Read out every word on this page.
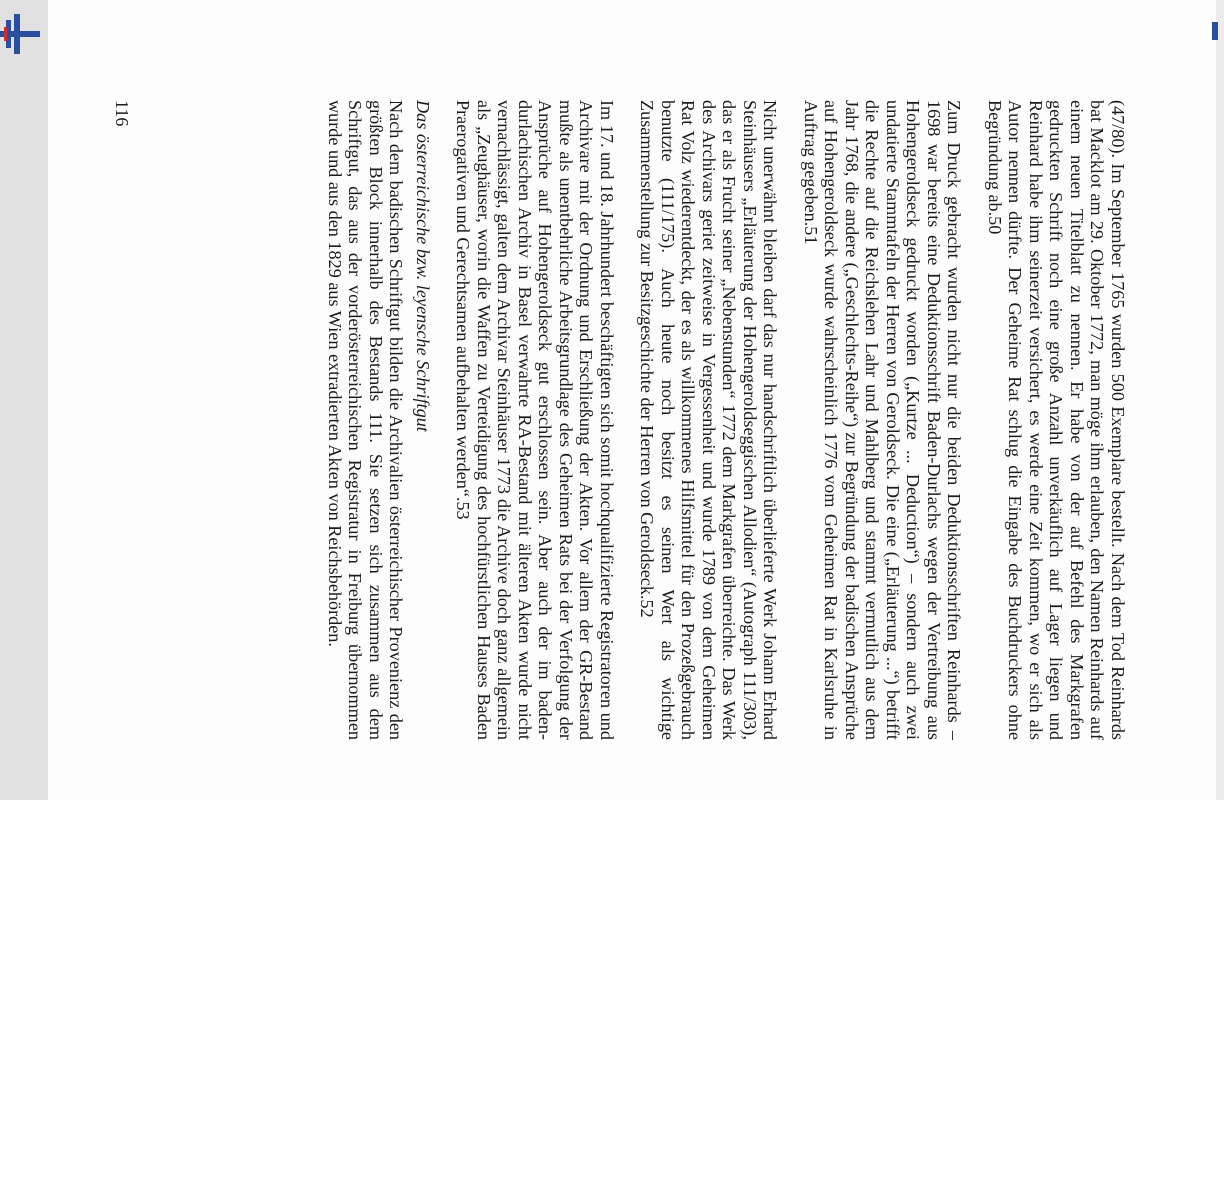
(47/80). Im September 1765 wurden 500 Exemplare bestellt. Nach dem Tod Reinhards bat Macklot am 29. Oktober 1772, man möge ihm erlauben, den Namen Reinhards auf einem neuen Titelblatt zu nennen. Er habe von der auf Befehl des Markgrafen gedruckten Schrift noch eine große Anzahl unverkäuflich auf Lager liegen und Reinhard habe ihm seinerzeit versichert, es werde eine Zeit kommen, wo er sich als Autor nennen dürfte. Der Geheime Rat schlug die Eingabe des Buchdruckers ohne Begründung ab.50

Zum Druck gebracht wurden nicht nur die beiden Deduktionsschriften Reinhards – 1698 war bereits eine Deduktionsschrift Baden-Durlachs wegen der Vertreibung aus Hohengeroldseck gedruckt worden („Kurtze ... Deduction“) – sondern auch zwei undatierte Stammtafeln der Herren von Geroldseck. Die eine („Erläuterung ...“) betrifft die Rechte auf die Reichslehen Lahr und Mahlberg und stammt vermutlich aus dem Jahr 1768, die andere („Geschlechts-Reihe“) zur Begründung der badischen Ansprüche auf Hohengeroldseck wurde wahrscheinlich 1776 vom Geheimen Rat in Karlsruhe in Auftrag gegeben.51

Nicht unerwähnt bleiben darf das nur handschriftlich überlieferte Werk Johann Erhard Steinhäusers „Erläuterung der Hohengeroldseggischen Allodien“ (Autograph 111/303), das er als Frucht seiner „Nebenstunden“ 1772 dem Markgrafen überreichte. Das Werk des Archivars geriet zeitweise in Vergessenheit und wurde 1789 von dem Geheimen Rat Volz wiederentdeckt, der es als willkommenes Hilfsmittel für den Prozeßgebrauch benutzte (111/175). Auch heute noch besitzt es seinen Wert als wichtige Zusammenstellung zur Besitzgeschichte der Herren von Geroldseck.52

Im 17. und 18. Jahrhundert beschäftigten sich somit hochqualifizierte Registratoren und Archivare mit der Ordnung und Erschließung der Akten. Vor allem der GR-Bestand mußte als unentbehrliche Arbeitsgrundlage des Geheimen Rats bei der Verfolgung der Ansprüche auf Hohengeroldseck gut erschlossen sein. Aber auch der im baden-durlachischen Archiv in Basel verwahrte RA-Bestand mit älteren Akten wurde nicht vernachlässigt, galten dem Archivar Steinhäuser 1773 die Archive doch ganz allgemein als „Zeughäuser, worin die Waffen zu Verteidigung des hochfürstlichen Hauses Baden Praerogativen und Gerechtsamen aufbehalten werden“.53

Das österreichische bzw. leyensche Schriftgut

Nach dem badischen Schriftgut bilden die Archivalien österreichischer Provenienz den größten Block innerhalb des Bestands 111. Sie setzen sich zusammen aus dem Schriftgut, das aus der vorderösterreichischen Registratur in Freiburg übernommen wurde und aus den 1829 aus Wien extradierten Akten von Reichsbehörden.

116
